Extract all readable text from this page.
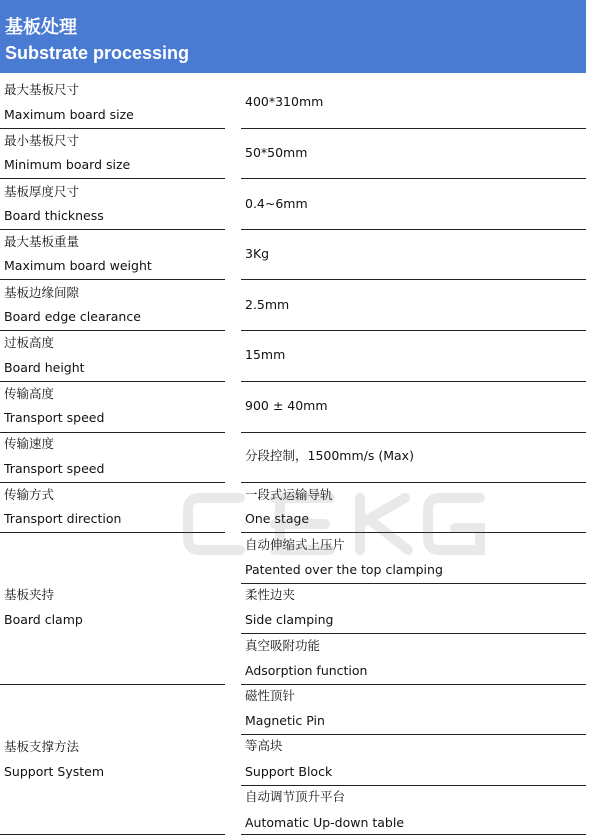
基板处理
Substrate processing
最大基板尺寸
Maximum board size
400*310mm
最小基板尺寸
Minimum board size
50*50mm
基板厚度尺寸
Board thickness
0.4~6mm
最大基板重量
Maximum board weight
3Kg
基板边缘间隙
Board edge clearance
2.5mm
过板高度
Board height
15mm
传输高度
Transport speed
900 ± 40mm
传输速度
Transport speed
分段控制，1500mm/s (Max)
传输方式
Transport direction
一段式运输导轨
One stage
基板夹持
Board clamp
自动伸缩式上压片
Patented over the top clamping
柔性边夹
Side clamping
真空吸附功能
Adsorption function
基板支撑方法
Support System
磁性顶针
Magnetic Pin
等高块
Support Block
自动调节顶升平台
Automatic Up-down table
